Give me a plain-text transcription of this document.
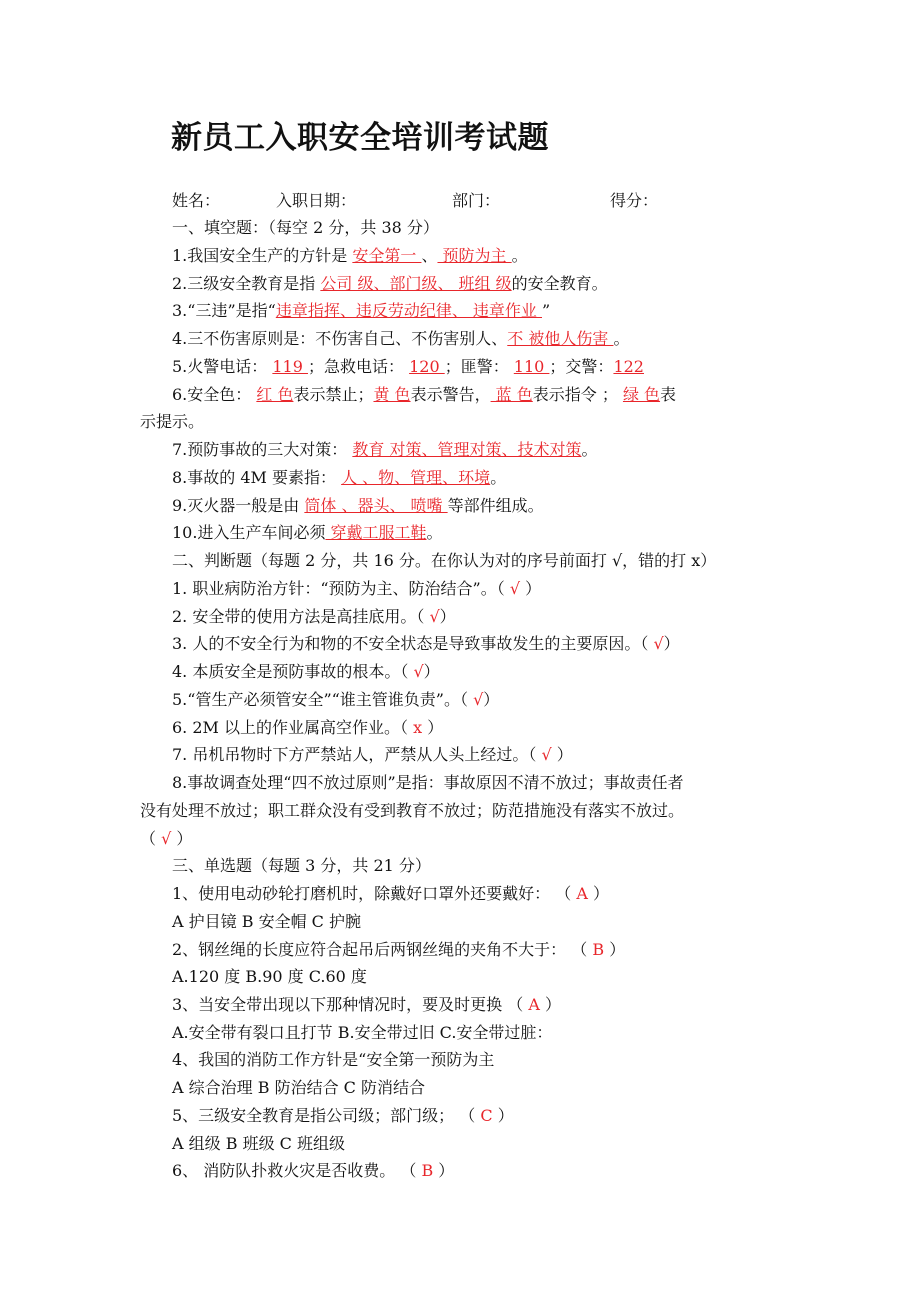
新员工入职安全培训考试题
姓名：	入职日期：	部门：	得分：
一、填空题：（每空 2 分，共 38 分）
1.我国安全生产的方针是 安全第一 、 预防为主 。
2.三级安全教育是指 公司 级、部门级、 班组 级的安全教育。
3.“三违”是指“违章指挥、违反劳动纪律、 违章作业 ”
4.三不伤害原则是：不伤害自己、不伤害别人、不 被他人伤害 。
5.火警电话： 119 ；急救电话： 120 ；匪警： 110 ；交警：122
6.安全色： 红 色表示禁止；黄 色表示警告， 蓝 色表示指令 ； 绿 色表
示提示。
7.预防事故的三大对策： 教育 对策、管理对策、技术对策。
8.事故的 4M 要素指： 人 、物、管理、环境。
9.灭火器一般是由 筒体 、器头、 喷嘴 等部件组成。
10.进入生产车间必须 穿戴工服工鞋。
二、判断题（每题 2 分，共 16 分。在你认为对的序号前面打 √，错的打 x）
1. 职业病防治方针：“预防为主、防治结合”。（ √ ）
2. 安全带的使用方法是高挂底用。（ √）
3. 人的不安全行为和物的不安全状态是导致事故发生的主要原因。（ √）
4. 本质安全是预防事故的根本。（ √）
5.“管生产必须管安全”“谁主管谁负责”。（ √）
6. 2M 以上的作业属高空作业。（ x ）
7. 吊机吊物时下方严禁站人，严禁从人头上经过。（ √ ）
8.事故调查处理“四不放过原则”是指：事故原因不清不放过；事故责任者
没有处理不放过；职工群众没有受到教育不放过；防范措施没有落实不放过。
（ √ ）
三、单选题（每题 3 分，共 21 分）
1、使用电动砂轮打磨机时，除戴好口罩外还要戴好： （ A ）
A 护目镜 B 安全帽 C 护腕
2、钢丝绳的长度应符合起吊后两钢丝绳的夹角不大于： （ B ）
A.120 度 B.90 度 C.60 度
3、当安全带出现以下那种情况时，要及时更换 （ A ）
A.安全带有裂口且打节 B.安全带过旧 C.安全带过脏：
4、我国的消防工作方针是“安全第一预防为主
A 综合治理 B 防治结合 C 防消结合
5、三级安全教育是指公司级；部门级； （ C ）
A 组级 B 班级 C 班组级
6、 消防队扑救火灾是否收费。 （ B ）
